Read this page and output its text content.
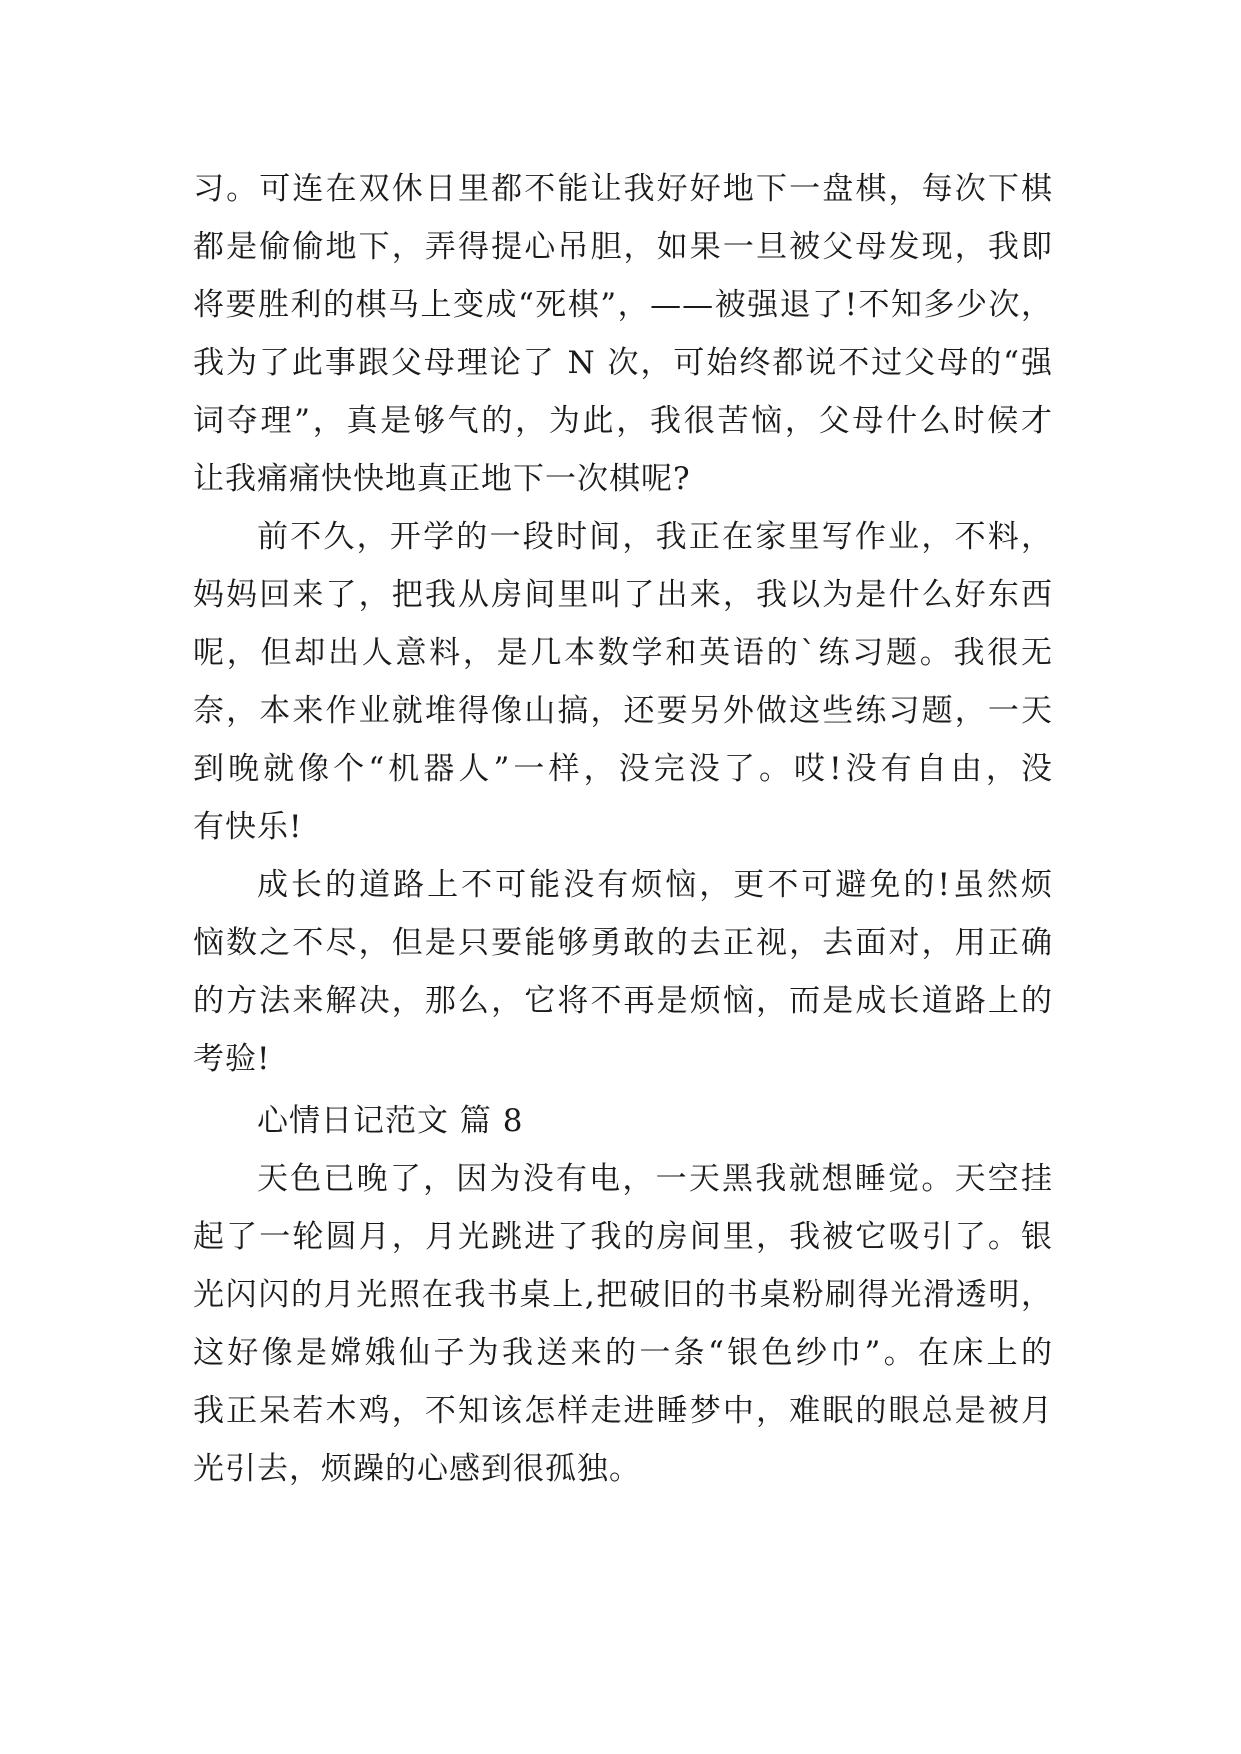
习。可连在双休日里都不能让我好好地下一盘棋，每次下棋
都是偷偷地下，弄得提心吊胆，如果一旦被父母发现，我即
将要胜利的棋马上变成“死棋”，——被强退了!不知多少次，
我为了此事跟父母理论了 N 次，可始终都说不过父母的“强
词夺理”，真是够气的，为此，我很苦恼，父母什么时候才
让我痛痛快快地真正地下一次棋呢?
前不久，开学的一段时间，我正在家里写作业，不料，
妈妈回来了，把我从房间里叫了出来，我以为是什么好东西
呢，但却出人意料，是几本数学和英语的`练习题。我很无
奈，本来作业就堆得像山搞，还要另外做这些练习题，一天
到晚就像个“机器人”一样，没完没了。哎!没有自由，没
有快乐!
成长的道路上不可能没有烦恼，更不可避免的!虽然烦
恼数之不尽，但是只要能够勇敢的去正视，去面对，用正确
的方法来解决，那么，它将不再是烦恼，而是成长道路上的
考验!
心情日记范文 篇 8
天色已晚了，因为没有电，一天黑我就想睡觉。天空挂
起了一轮圆月，月光跳进了我的房间里，我被它吸引了。银
光闪闪的月光照在我书桌上,把破旧的书桌粉刷得光滑透明，
这好像是嫦娥仙子为我送来的一条“银色纱巾”。在床上的
我正呆若木鸡，不知该怎样走进睡梦中，难眠的眼总是被月
光引去，烦躁的心感到很孤独。
